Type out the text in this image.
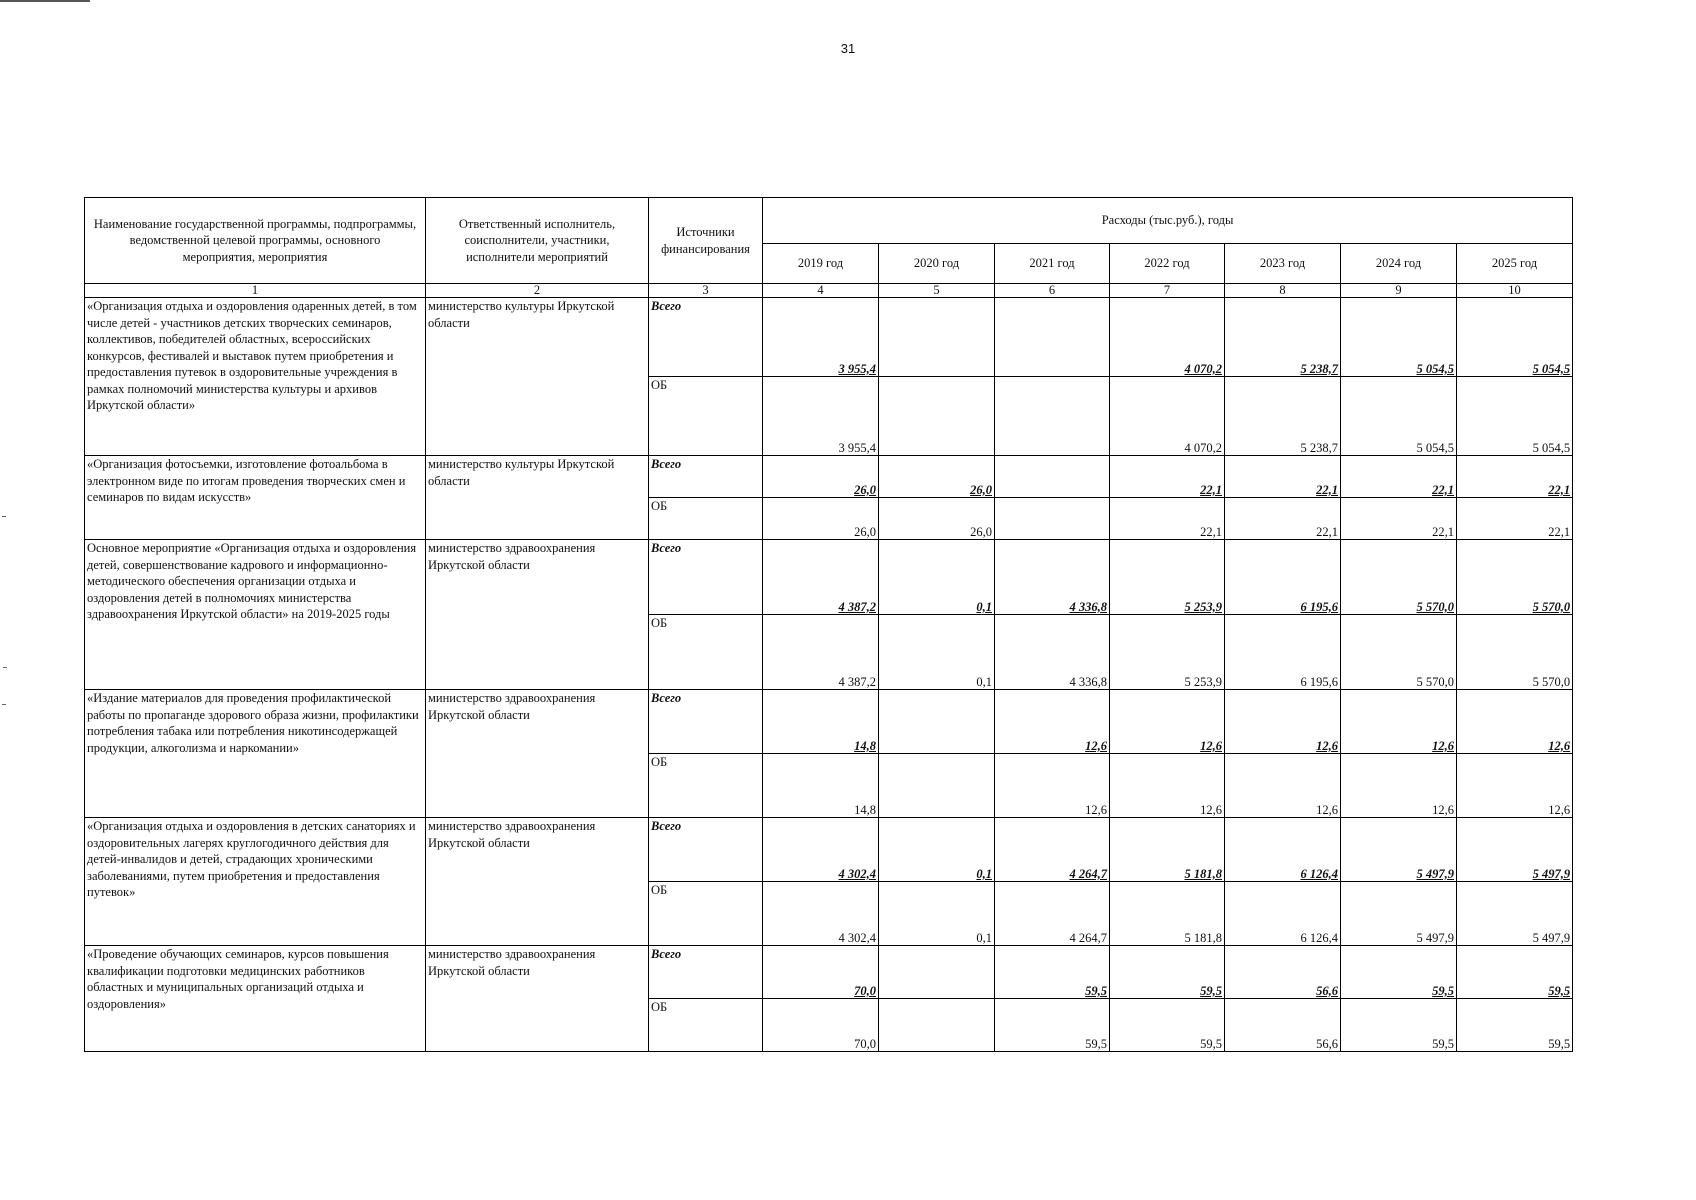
31
Наименование государственной программы, подпрограммы, ведомственной целевой программы, основного мероприятия, мероприятия	Ответственный исполнитель, соисполнители, участники, исполнители мероприятий	Источники финансирования	Расходы (тыс.руб.), годы						
			2019 год	2020 год	2021 год	2022 год	2023 год	2024 год	2025 год
1	2	3	4	5	6	7	8	9	10
«Организация отдыха и оздоровления одаренных детей, в том числе детей - участников детских творческих семинаров, коллективов, победителей областных, всероссийских конкурсов, фестивалей и выставок путем приобретения и предоставления путевок в оздоровительные учреждения в рамках полномочий министерства культуры и архивов Иркутской области»	министерство культуры Иркутской области	Всего	3 955,4			4 070,2	5 238,7	5 054,5	5 054,5
		ОБ	3 955,4			4 070,2	5 238,7	5 054,5	5 054,5
«Организация фотосъемки, изготовление фотоальбома в электронном виде по итогам проведения творческих смен и семинаров по видам искусств»	министерство культуры Иркутской области	Всего	26,0	26,0		22,1	22,1	22,1	22,1
		ОБ	26,0	26,0		22,1	22,1	22,1	22,1
Основное мероприятие «Организация отдыха и оздоровления детей, совершенствование кадрового и информационно-методического обеспечения организации отдыха и оздоровления детей в полномочиях министерства здравоохранения Иркутской области» на 2019-2025 годы	министерство здравоохранения Иркутской области	Всего	4 387,2	0,1	4 336,8	5 253,9	6 195,6	5 570,0	5 570,0
		ОБ	4 387,2	0,1	4 336,8	5 253,9	6 195,6	5 570,0	5 570,0
«Издание материалов для проведения профилактической работы по пропаганде здорового образа жизни, профилактики потребления табака или потребления никотинсодержащей продукции, алкоголизма и наркомании»	министерство здравоохранения Иркутской области	Всего	14,8		12,6	12,6	12,6	12,6	12,6
		ОБ	14,8		12,6	12,6	12,6	12,6	12,6
«Организация отдыха и оздоровления в детских санаториях и оздоровительных лагерях круглогодичного действия для детей-инвалидов и детей, страдающих хроническими заболеваниями, путем приобретения и предоставления путевок»	министерство здравоохранения Иркутской области	Всего	4 302,4	0,1	4 264,7	5 181,8	6 126,4	5 497,9	5 497,9
		ОБ	4 302,4	0,1	4 264,7	5 181,8	6 126,4	5 497,9	5 497,9
«Проведение обучающих семинаров, курсов повышения квалификации подготовки медицинских работников областных и муниципальных организаций отдыха и оздоровления»	министерство здравоохранения Иркутской области	Всего	70,0		59,5	59,5	56,6	59,5	59,5
		ОБ	70,0		59,5	59,5	56,6	59,5	59,5
